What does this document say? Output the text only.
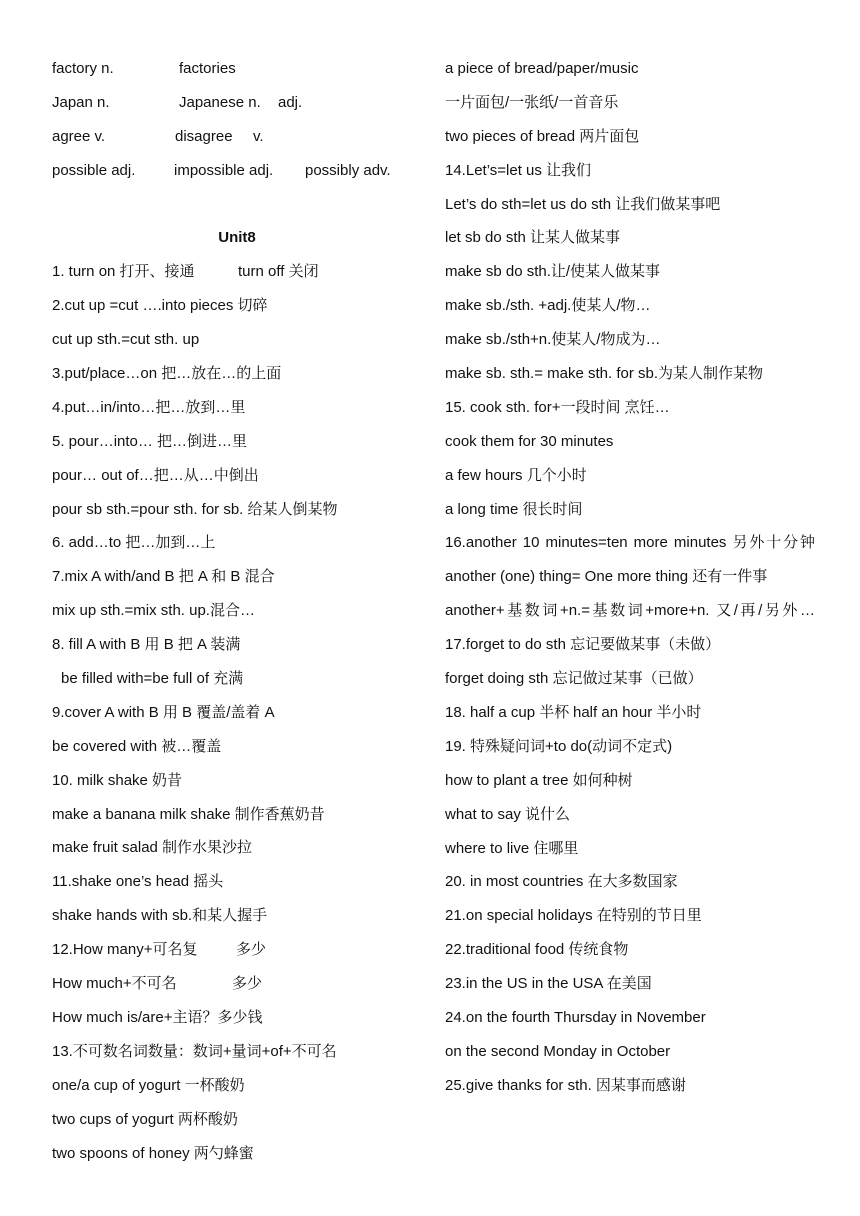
factory n.	factories
Japan n.	Japanese n. adj.
agree v.	disagree v.
possible adj.	impossible adj. possibly adv.
Unit8
1. turn on 打开、接通	turn off 关闭
2.cut up =cut ….into pieces 切碎
cut up sth.=cut sth. up
3.put/place…on 把…放在…的上面
4.put…in/into…把…放到…里
5. pour…into… 把…倒进…里
pour… out of…把…从…中倒出
pour sb sth.=pour sth. for sb. 给某人倒某物
6. add…to 把…加到…上
7.mix A with/and B 把 A 和 B 混合
mix up sth.=mix sth. up.混合…
8. fill A with B 用 B 把 A 装满
be filled with=be full of 充满
9.cover A with B 用 B 覆盖/盖着 A
be covered with 被…覆盖
10. milk shake 奶昔
make a banana milk shake 制作香蕉奶昔
make fruit salad 制作水果沙拉
11.shake one’s head 摇头
shake hands with sb.和某人握手
12.How many+可名复	多少
How much+不可名	多少
How much is/are+主语？多少钱
13.不可数名词数量：数词+量词+of+不可名
one/a cup of yogurt 一杯酸奶
two cups of yogurt 两杯酸奶
two spoons of honey 两勺蜂蜜
a piece of bread/paper/music
一片面包/一张纸/一首音乐
two pieces of bread 两片面包
14.Let’s=let us 让我们
Let’s do sth=let us do sth 让我们做某事吧
let sb do sth 让某人做某事
make sb do sth.让/使某人做某事
make sb./sth. +adj.使某人/物…
make sb./sth+n.使某人/物成为…
make sb. sth.= make sth. for sb.为某人制作某物
15. cook sth. for+一段时间 烹饪…
cook them for 30 minutes
a few hours 几个小时
a long time 很长时间
16.another 10 minutes=ten more minutes 另外十分钟
another (one) thing= One more thing 还有一件事
another+基数词+n.=基数词+more+n. 又/再/另外…
17.forget to do sth 忘记要做某事（未做）
forget doing sth 忘记做过某事（已做）
18. half a cup 半杯 half an hour 半小时
19. 特殊疑问词+to do(动词不定式)
how to plant a tree 如何种树
what to say 说什么
where to live 住哪里
20. in most countries 在大多数国家
21.on special holidays 在特别的节日里
22.traditional food 传统食物
23.in the US in the USA 在美国
24.on the fourth Thursday in November
on the second Monday in October
25.give thanks for sth. 因某事而感谢
